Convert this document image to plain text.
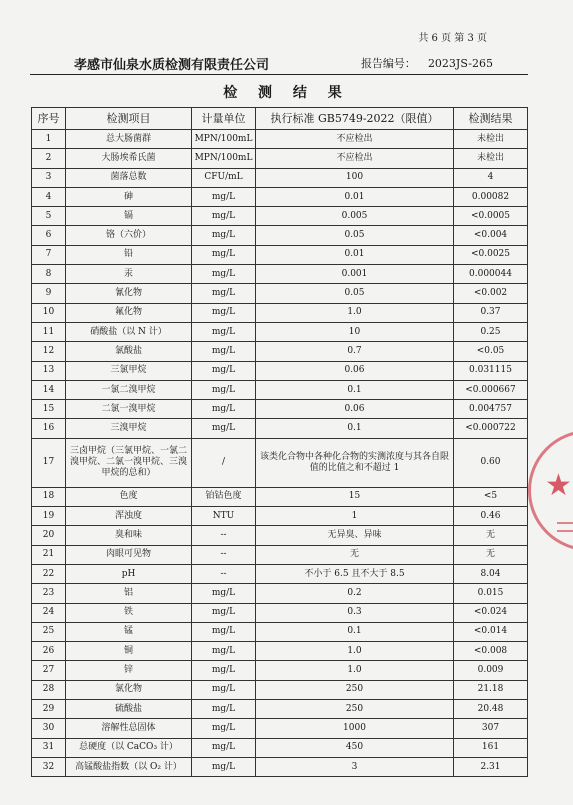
共 6 页 第 3 页
孝感市仙泉水质检测有限责任公司	报告编号： 2023JS-265
检 测 结 果
序号	检测项目	计量单位	执行标准 GB5749-2022（限值）	检测结果
1	总大肠菌群	MPN/100mL	不应检出	未检出
2	大肠埃希氏菌	MPN/100mL	不应检出	未检出
3	菌落总数	CFU/mL	100	4
4	砷	mg/L	0.01	0.00082
5	镉	mg/L	0.005	<0.0005
6	铬（六价）	mg/L	0.05	<0.004
7	铅	mg/L	0.01	<0.0025
8	汞	mg/L	0.001	0.000044
9	氰化物	mg/L	0.05	<0.002
10	氟化物	mg/L	1.0	0.37
11	硝酸盐（以 N 计）	mg/L	10	0.25
12	氯酸盐	mg/L	0.7	<0.05
13	三氯甲烷	mg/L	0.06	0.031115
14	一氯二溴甲烷	mg/L	0.1	<0.000667
15	二氯一溴甲烷	mg/L	0.06	0.004757
16	三溴甲烷	mg/L	0.1	<0.000722
17	三卤甲烷（三氯甲烷、一氯二溴甲烷、二氯一溴甲烷、三溴甲烷的总和）	/	该类化合物中各种化合物的实测浓度与其各自限值的比值之和不超过 1	0.60
18	色度	铂钴色度	15	<5
19	浑浊度	NTU	1	0.46
20	臭和味	--	无异臭、异味	无
21	肉眼可见物	--	无	无
22	pH	--	不小于 6.5 且不大于 8.5	8.04
23	铝	mg/L	0.2	0.015
24	铁	mg/L	0.3	<0.024
25	锰	mg/L	0.1	<0.014
26	铜	mg/L	1.0	<0.008
27	锌	mg/L	1.0	0.009
28	氯化物	mg/L	250	21.18
29	硫酸盐	mg/L	250	20.48
30	溶解性总固体	mg/L	1000	307
31	总硬度（以 CaCO₃ 计）	mg/L	450	161
32	高锰酸盐指数（以 O₂ 计）	mg/L	3	2.31
★
